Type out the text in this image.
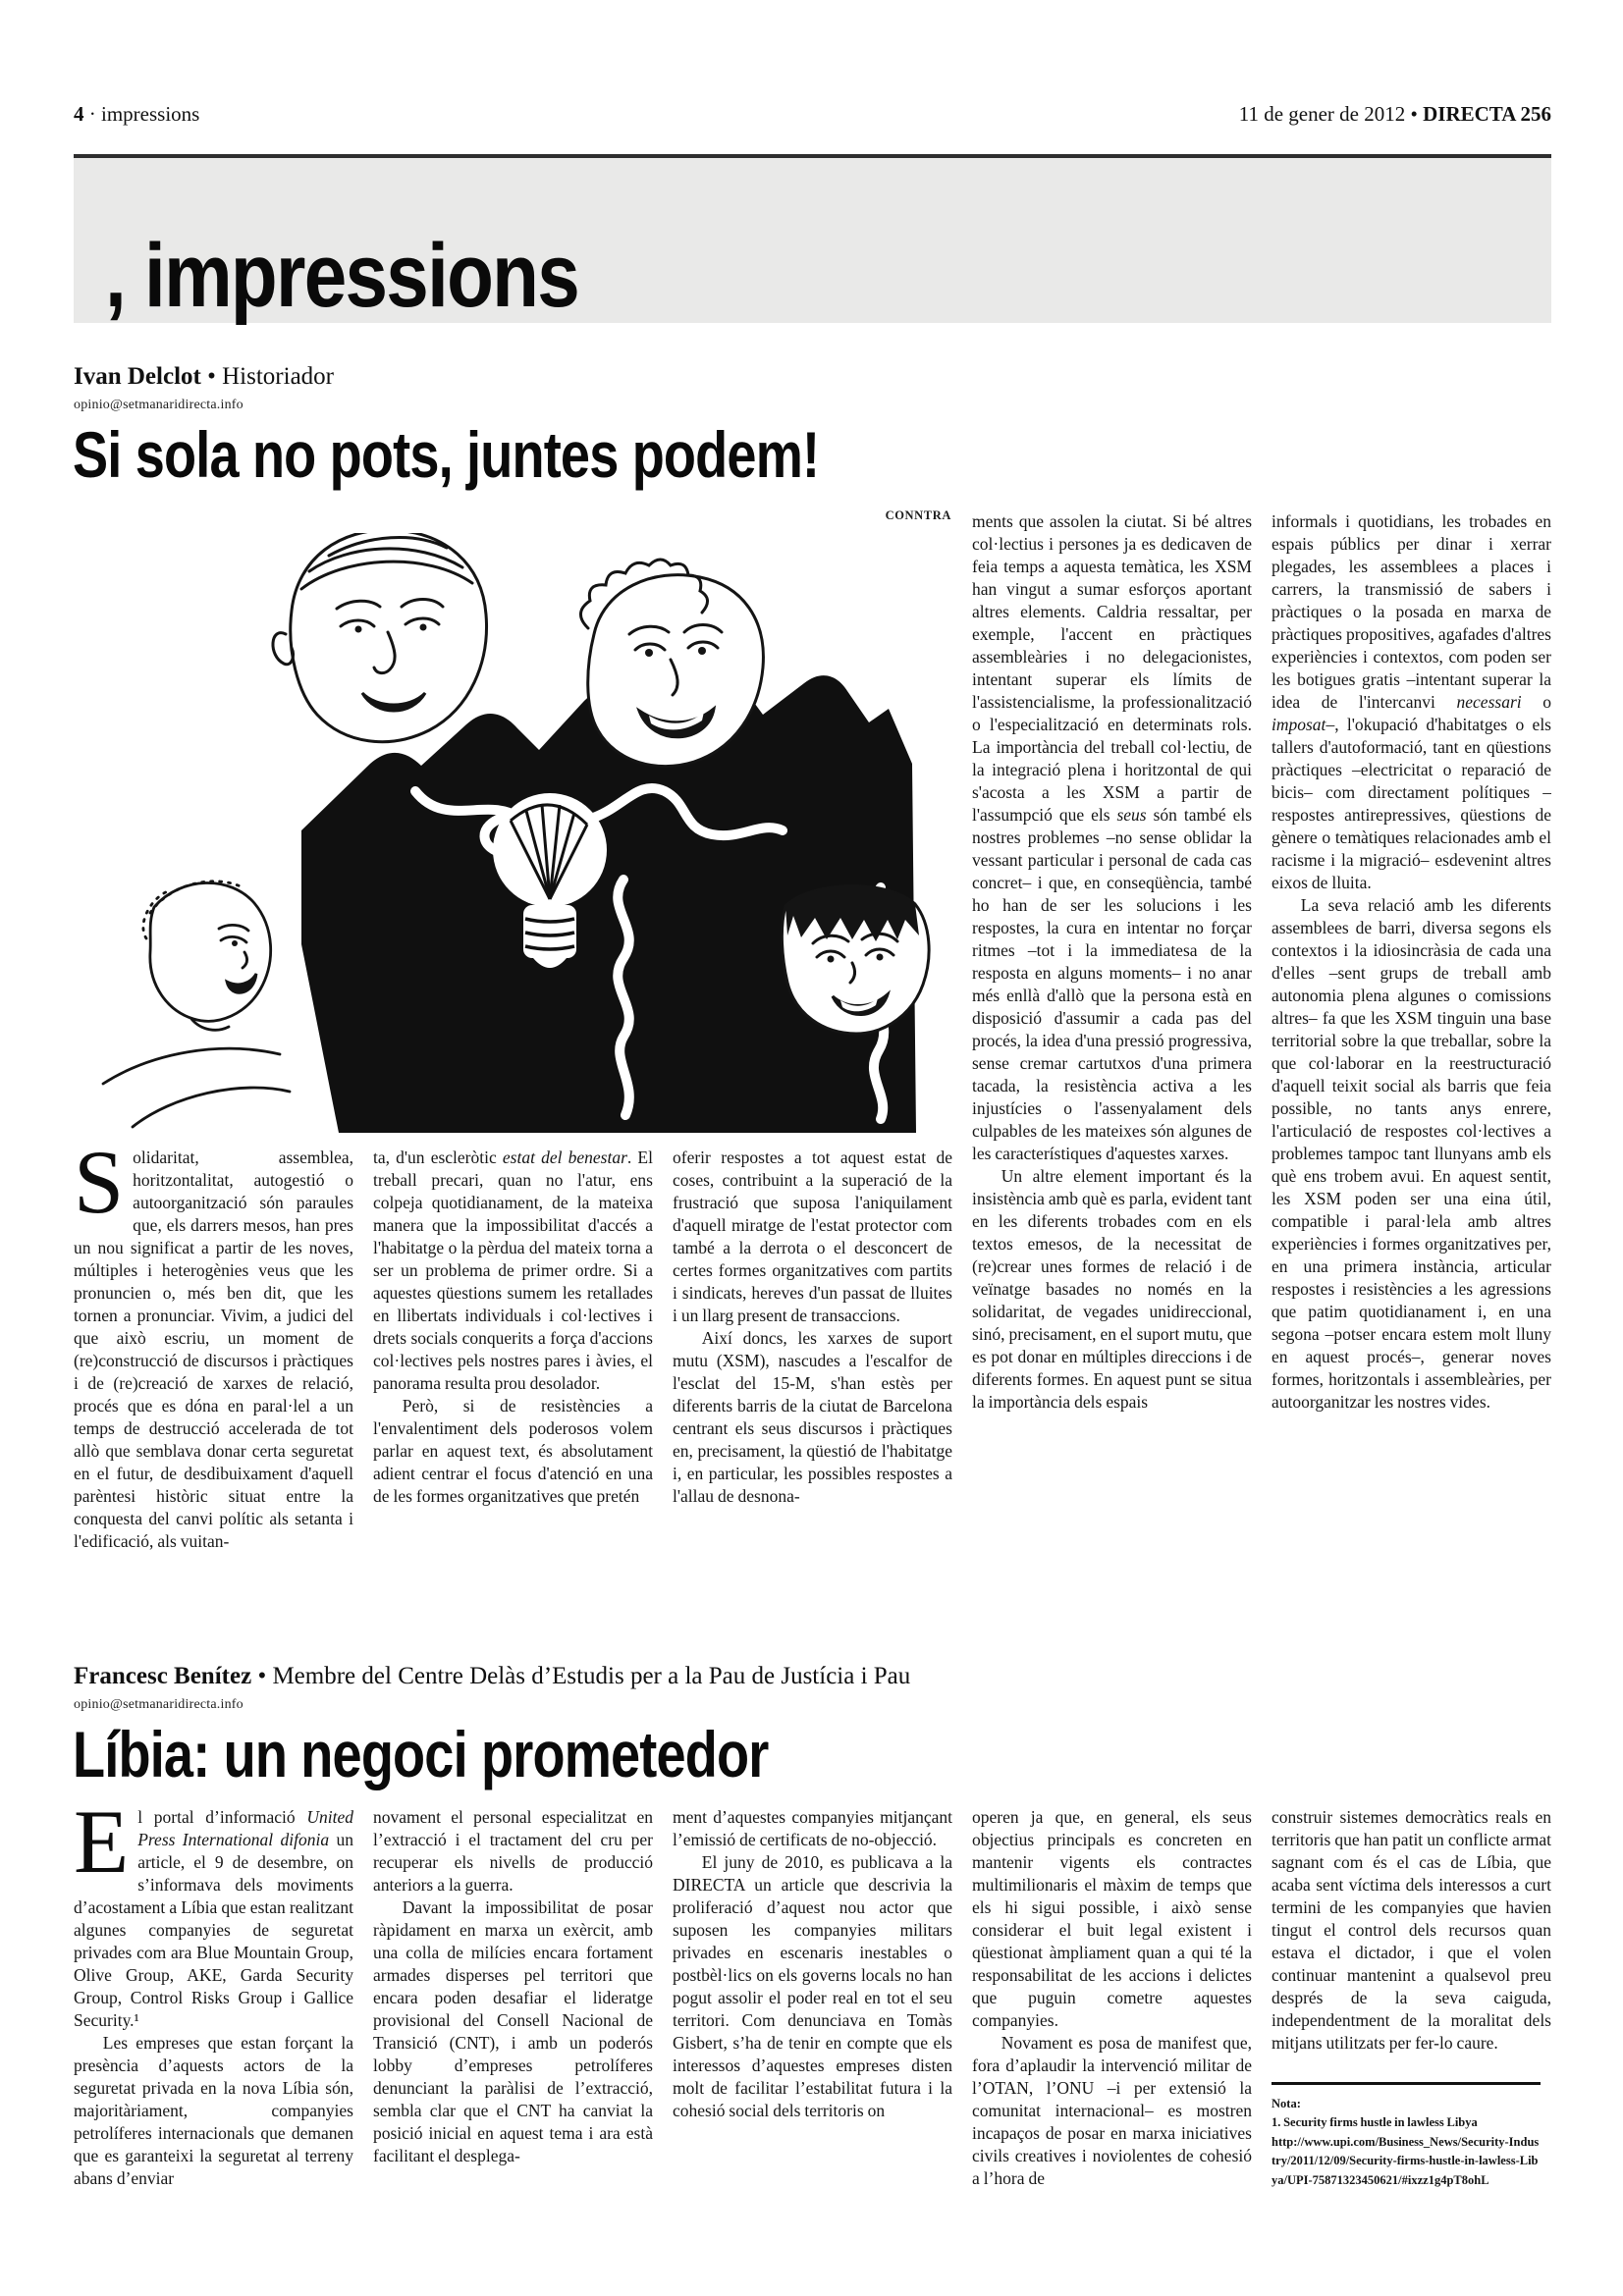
4 · impressions	11 de gener de 2012 • DIRECTA 256
, impressions
Ivan Delclot • Historiador
opinio@setmanaridirecta.info
Si sola no pots, juntes podem!
CONNTRA

Solidaritat, assemblea, horitzontalitat, autogestió o autoorganització són paraules que, els darrers mesos, han pres un nou significat a partir de les noves, múltiples i heterogènies veus que les pronuncien o, més ben dit, que les tornen a pronunciar. Vivim, a judici del que això escriu, un moment de (re)construcció de discursos i pràctiques i de (re)creació de xarxes de relació, procés que es dóna en paral·lel a un temps de destrucció accelerada de tot allò que semblava donar certa seguretat en el futur, de desdibuixament d'aquell parèntesi històric situat entre la conquesta del canvi polític als setanta i l'edificació, als vuitan-

ta, d'un escleròtic estat del benestar. El treball precari, quan no l'atur, ens colpeja quotidianament, de la mateixa manera que la impossibilitat d'accés a l'habitatge o la pèrdua del mateix torna a ser un problema de primer ordre. Si a aquestes qüestions sumem les retallades en llibertats individuals i col·lectives i drets socials conquerits a força d'accions col·lectives pels nostres pares i àvies, el panorama resulta prou desolador.

Però, si de resistències a l'envalentiment dels poderosos volem parlar en aquest text, és absolutament adient centrar el focus d'atenció en una de les formes organitzatives que pretén

oferir respostes a tot aquest estat de coses, contribuint a la superació de la frustració que suposa l'aniquilament d'aquell miratge de l'estat protector com també a la derrota o el desconcert de certes formes organitzatives com partits i sindicats, hereves d'un passat de lluites i un llarg present de transaccions.

Així doncs, les xarxes de suport mutu (XSM), nascudes a l'escalfor de l'esclat del 15-M, s'han estès per diferents barris de la ciutat de Barcelona centrant els seus discursos i pràctiques en, precisament, la qüestió de l'habitatge i, en particular, les possibles respostes a l'allau de desnona-

ments que assolen la ciutat. Si bé altres col·lectius i persones ja es dedicaven de feia temps a aquesta temàtica, les XSM han vingut a sumar esforços aportant altres elements. Caldria ressaltar, per exemple, l'accent en pràctiques assembleàries i no delegacionistes, intentant superar els límits de l'assistencialisme, la professionalització o l'especialització en determinats rols. La importància del treball col·lectiu, de la integració plena i horitzontal de qui s'acosta a les XSM a partir de l'assumpció que els seus són també els nostres problemes –no sense oblidar la vessant particular i personal de cada cas concret– i que, en conseqüència, també ho han de ser les solucions i les respostes, la cura en intentar no forçar ritmes –tot i la immediatesa de la resposta en alguns moments– i no anar més enllà d'allò que la persona està en disposició d'assumir a cada pas del procés, la idea d'una pressió progressiva, sense cremar cartutxos d'una primera tacada, la resistència activa a les injustícies o l'assenyalament dels culpables de les mateixes són algunes de les característiques d'aquestes xarxes.

Un altre element important és la insistència amb què es parla, evident tant en les diferents trobades com en els textos emesos, de la necessitat de (re)crear unes formes de relació i de veïnatge basades no només en la solidaritat, de vegades unidireccional, sinó, precisament, en el suport mutu, que es pot donar en múltiples direccions i de diferents formes. En aquest punt se situa la importància dels espais

informals i quotidians, les trobades en espais públics per dinar i xerrar plegades, les assemblees a places i carrers, la transmissió de sabers i pràctiques o la posada en marxa de pràctiques propositives, agafades d'altres experiències i contextos, com poden ser les botigues gratis –intentant superar la idea de l'intercanvi necessari o imposat–, l'okupació d'habitatges o els tallers d'autoformació, tant en qüestions pràctiques –electricitat o reparació de bicis– com directament polítiques –respostes antirepressives, qüestions de gènere o temàtiques relacionades amb el racisme i la migració– esdevenint altres eixos de lluita.

La seva relació amb les diferents assemblees de barri, diversa segons els contextos i la idiosincràsia de cada una d'elles –sent grups de treball amb autonomia plena algunes o comissions altres– fa que les XSM tinguin una base territorial sobre la que treballar, sobre la que col·laborar en la reestructuració d'aquell teixit social als barris que feia possible, no tants anys enrere, l'articulació de respostes col·lectives a problemes tampoc tant llunyans amb els què ens trobem avui. En aquest sentit, les XSM poden ser una eina útil, compatible i paral·lela amb altres experiències i formes organitzatives per, en una primera instància, articular respostes i resistències a les agressions que patim quotidianament i, en una segona –potser encara estem molt lluny en aquest procés–, generar noves formes, horitzontals i assembleàries, per autoorganitzar les nostres vides.

Francesc Benítez • Membre del Centre Delàs d’Estudis per a la Pau de Justícia i Pau
opinio@setmanaridirecta.info
Líbia: un negoci prometedor

El portal d’informació United Press International difonia un article, el 9 de desembre, on s’informava dels moviments d’acostament a Líbia que estan realitzant algunes companyies de seguretat privades com ara Blue Mountain Group, Olive Group, AKE, Garda Security Group, Control Risks Group i Gallice Security.¹

Les empreses que estan forçant la presència d’aquests actors de la seguretat privada en la nova Líbia són, majoritàriament, companyies petrolíferes internacionals que demanen que es garanteixi la seguretat al terreny abans d’enviar

novament el personal especialitzat en l’extracció i el tractament del cru per recuperar els nivells de producció anteriors a la guerra.

Davant la impossibilitat de posar ràpidament en marxa un exèrcit, amb una colla de milícies encara fortament armades disperses pel territori que encara poden desafiar el lideratge provisional del Consell Nacional de Transició (CNT), i amb un poderós lobby d’empreses petrolíferes denunciant la paràlisi de l’extracció, sembla clar que el CNT ha canviat la posició inicial en aquest tema i ara està facilitant el desplega-

ment d’aquestes companyies mitjançant l’emissió de certificats de no-objecció.

El juny de 2010, es publicava a la DIRECTA un article que descrivia la proliferació d’aquest nou actor que suposen les companyies militars privades en escenaris inestables o postbèl·lics on els governs locals no han pogut assolir el poder real en tot el seu territori. Com denunciava en Tomàs Gisbert, s’ha de tenir en compte que els interessos d’aquestes empreses disten molt de facilitar l’estabilitat futura i la cohesió social dels territoris on

operen ja que, en general, els seus objectius principals es concreten en mantenir vigents els contractes multimilionaris el màxim de temps que els hi sigui possible, i això sense considerar el buit legal existent i qüestionat àmpliament quan a qui té la responsabilitat de les accions i delictes que puguin cometre aquestes companyies.

Novament es posa de manifest que, fora d’aplaudir la intervenció militar de l’OTAN, l’ONU –i per extensió la comunitat internacional– es mostren incapaços de posar en marxa iniciatives civils creatives i noviolentes de cohesió a l’hora de

construir sistemes democràtics reals en territoris que han patit un conflicte armat sagnant com és el cas de Líbia, que acaba sent víctima dels interessos a curt termini de les companyies que havien tingut el control dels recursos quan estava el dictador, i que el volen continuar mantenint a qualsevol preu després de la seva caiguda, independentment de la moralitat dels mitjans utilitzats per fer-lo caure.

Nota:

1. Security firms hustle in lawless Libya

http://www.upi.com/Business_News/Security-Industry/2011/12/09/Security-firms-hustle-in-lawless-Libya/UPI-75871323450621/#ixzz1g4pT8ohL
